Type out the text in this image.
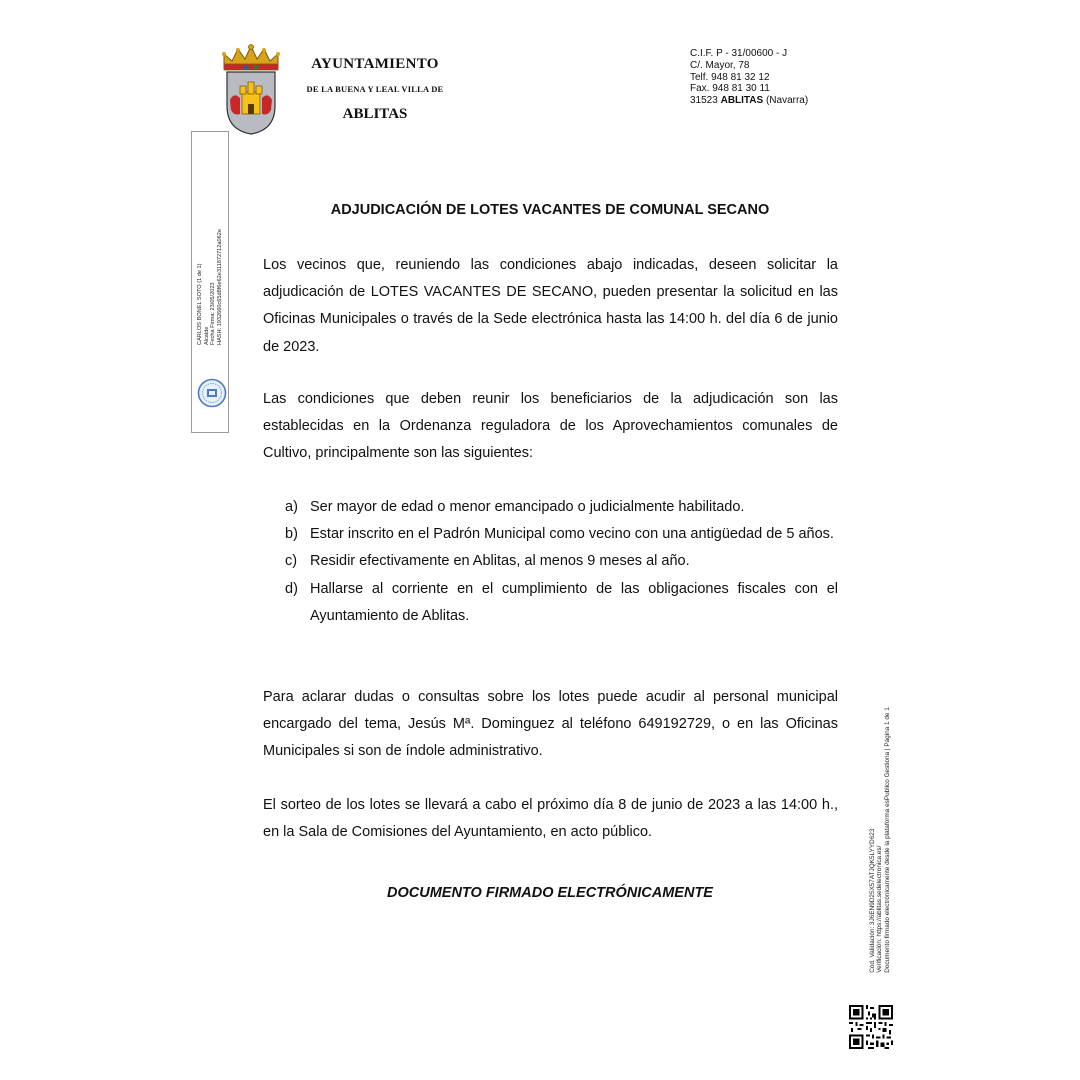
AYUNTAMIENTO
DE LA BUENA Y LEAL VILLA DE
ABLITAS
C.I.F. P - 31/00600 - J
C/. Mayor, 78
Telf. 948 81 32 12
Fax. 948 81 30 11
31523 ABLITAS (Navarra)
CARLOS BONEL SOTO (1 de 1) Alcalde Fecha Firma: 23/05/2023 HASH: 1932660c65d8f6e62e311872712a062e
ADJUDICACIÓN DE LOTES VACANTES DE COMUNAL SECANO

Los vecinos que, reuniendo las condiciones abajo indicadas, deseen solicitar la adjudicación de LOTES VACANTES DE SECANO, pueden presentar la solicitud en las Oficinas Municipales o través de la Sede electrónica hasta las 14:00 h. del día 6 de junio de 2023.

Las condiciones que deben reunir los beneficiarios de la adjudicación son las establecidas en la Ordenanza reguladora de los Aprovechamientos comunales de Cultivo, principalmente son las siguientes:

a) Ser mayor de edad o menor emancipado o judicialmente habilitado.
b) Estar inscrito en el Padrón Municipal como vecino con una antigüedad de 5 años.
c) Residir efectivamente en Ablitas, al menos 9 meses al año.
d) Hallarse al corriente en el cumplimiento de las obligaciones fiscales con el Ayuntamiento de Ablitas.

Para aclarar dudas o consultas sobre los lotes puede acudir al personal municipal encargado del tema, Jesús Mª. Dominguez al teléfono 649192729, o en las Oficinas Municipales si son de índole administrativo.

El sorteo de los lotes se llevará a cabo el próximo día 8 de junio de 2023 a las 14:00 h., en la Sala de Comisiones del Ayuntamiento, en acto público.

DOCUMENTO FIRMADO ELECTRÓNICAMENTE	Cód. Validación: 3J6EN9D25X57ATJQK5LYYD623 Verificación: https://ablitas.sedelectronica.es/ Documento firmado electrónicamente desde la plataforma esPublico Gestiona | Página 1 de 1
